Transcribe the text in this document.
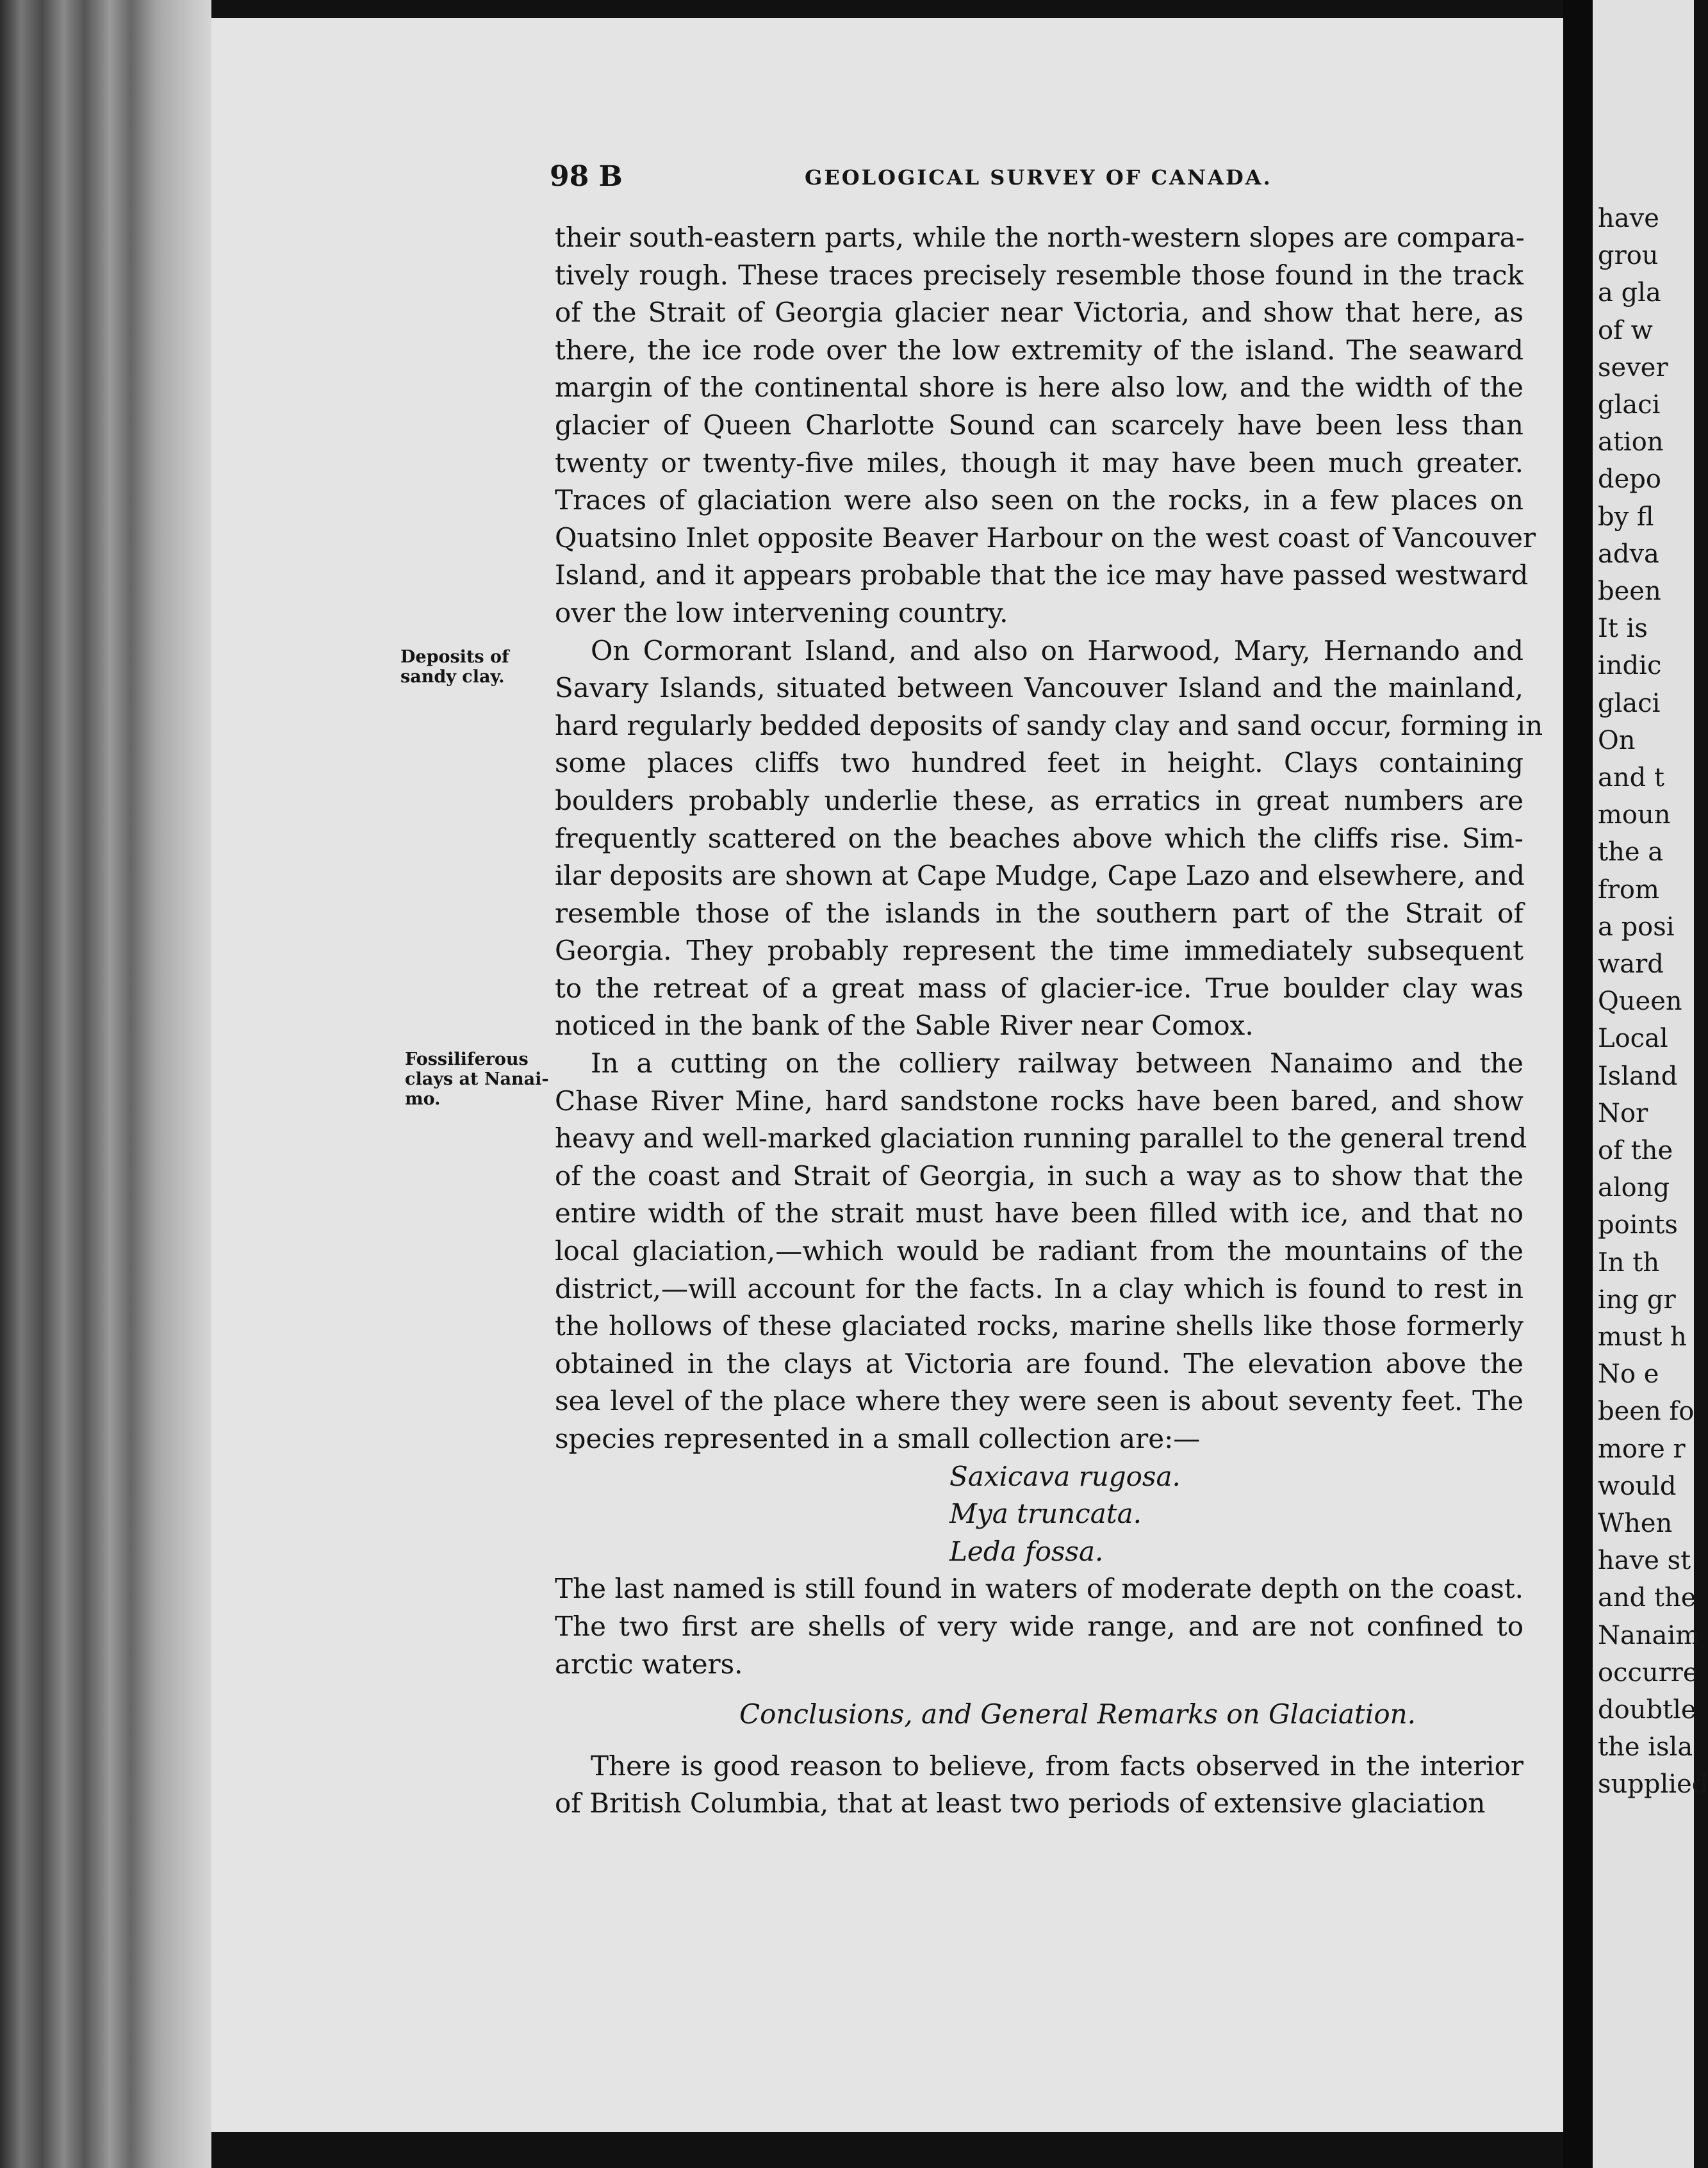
have
grou
a gla
of w
sever
glaci
ation
depo
by fl
adva
been
It is
indic
glaci
On
and t
moun
the a
from
a posi
ward
Queen
Local
Island
Nor
of the
along
points
In th
ing gr
must h
No e
been fo
more r
would
When
have st
and the
Nanaim
occurre
doubtle
the isla
supplied
98 B	GEOLOGICAL SURVEY OF CANADA.
Deposits of sandy clay.
Fossiliferous clays at Nanai-mo.

their south-eastern parts, while the north-western slopes are compara-
tively rough. These traces precisely resemble those found in the track
of the Strait of Georgia glacier near Victoria, and show that here, as
there, the ice rode over the low extremity of the island. The seaward
margin of the continental shore is here also low, and the width of the
glacier of Queen Charlotte Sound can scarcely have been less than
twenty or twenty-five miles, though it may have been much greater.
Traces of glaciation were also seen on the rocks, in a few places on
Quatsino Inlet opposite Beaver Harbour on the west coast of Vancouver
Island, and it appears probable that the ice may have passed westward
over the low intervening country.

On Cormorant Island, and also on Harwood, Mary, Hernando and
Savary Islands, situated between Vancouver Island and the mainland,
hard regularly bedded deposits of sandy clay and sand occur, forming in
some places cliffs two hundred feet in height. Clays containing
boulders probably underlie these, as erratics in great numbers are
frequently scattered on the beaches above which the cliffs rise. Sim-
ilar deposits are shown at Cape Mudge, Cape Lazo and elsewhere, and
resemble those of the islands in the southern part of the Strait of
Georgia. They probably represent the time immediately subsequent
to the retreat of a great mass of glacier-ice. True boulder clay was
noticed in the bank of the Sable River near Comox.

In a cutting on the colliery railway between Nanaimo and the
Chase River Mine, hard sandstone rocks have been bared, and show
heavy and well-marked glaciation running parallel to the general trend
of the coast and Strait of Georgia, in such a way as to show that the
entire width of the strait must have been filled with ice, and that no
local glaciation,—which would be radiant from the mountains of the
district,—will account for the facts. In a clay which is found to rest in
the hollows of these glaciated rocks, marine shells like those formerly
obtained in the clays at Victoria are found. The elevation above the
sea level of the place where they were seen is about seventy feet. The
species represented in a small collection are:—

Saxicava rugosa.
Mya truncata.
Leda fossa.

The last named is still found in waters of moderate depth on the coast.
The two first are shells of very wide range, and are not confined to
arctic waters.

Conclusions, and General Remarks on Glaciation.

There is good reason to believe, from facts observed in the interior
of British Columbia, that at least two periods of extensive glaciation
